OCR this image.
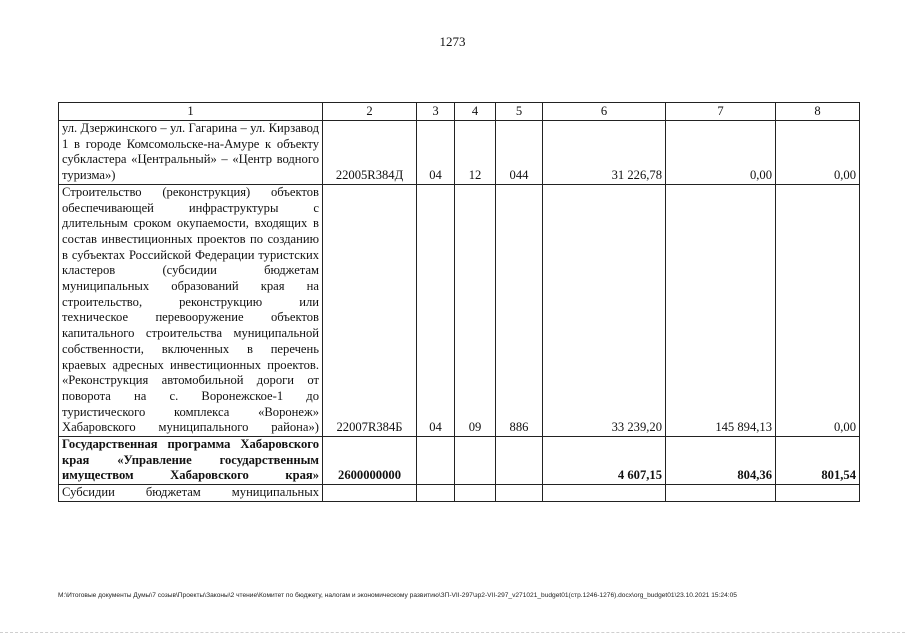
1273
1	2	3	4	5	6	7	8
ул. Дзержинского – ул. Гагарина – ул. Кирзавод 1 в городе Комсомольске-на-Амуре к объекту субкластера «Центральный» – «Центр водного туризма»)	22005R384Д	04	12	044	31 226,78	0,00	0,00
Строительство (реконструкция) объектов обеспечивающей инфраструктуры с длительным сроком окупаемости, входящих в состав инвестиционных проектов по созданию в субъектах Российской Федерации туристских кластеров (субсидии бюджетам муниципальных образований края на строительство, реконструкцию или техническое перевооружение объектов капитального строительства муниципальной собственности, включенных в перечень краевых адресных инвестиционных проектов. «Реконструкция автомобильной дороги от поворота на с. Воронежское-1 до туристического комплекса «Воронеж» Хабаровского муниципального района»)	22007R384Б	04	09	886	33 239,20	145 894,13	0,00
Государственная программа Хабаровского края «Управление государственным имуществом Хабаровского края»	2600000000				4 607,15	804,36	801,54
Субсидии бюджетам муниципальных							
M:\Итоговые документы Думы\7 созыв\Проекты\Законы\2 чтение\Комитет по бюджету, налогам и экономическому развитию\ЗП-VII-297\зр2-VII-297_v271021_budget01(стр.1246-1276).docx\org_budget01\23.10.2021 15:24:05
